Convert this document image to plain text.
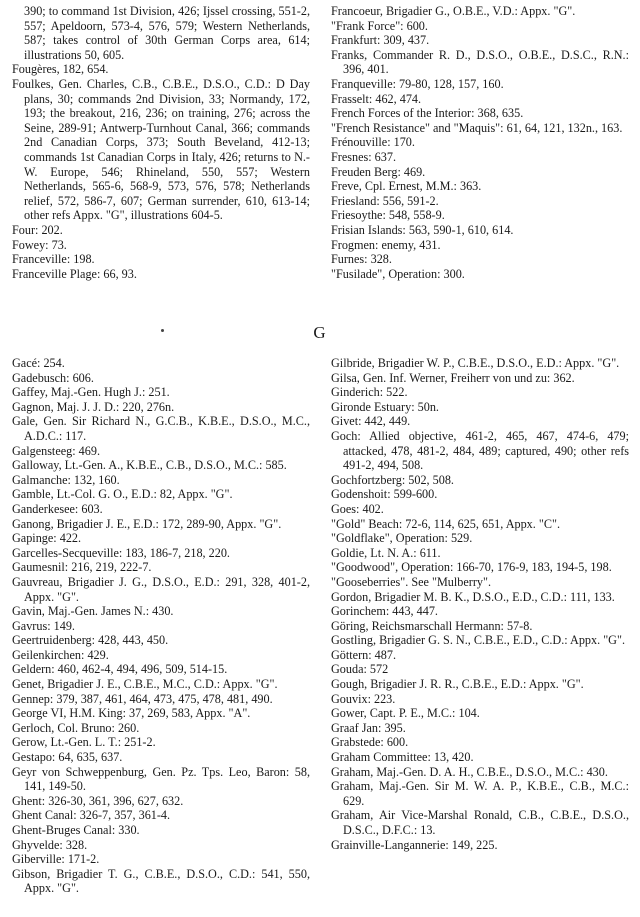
390; to command 1st Division, 426; Ijssel crossing, 551-2, 557; Apeldoorn, 573-4, 576, 579; Western Netherlands, 587; takes control of 30th German Corps area, 614; illustrations 50, 605.

Fougères, 182, 654.

Foulkes, Gen. Charles, C.B., C.B.E., D.S.O., C.D.: D Day plans, 30; commands 2nd Division, 33; Normandy, 172, 193; the breakout, 216, 236; on training, 276; across the Seine, 289-91; Antwerp-Turnhout Canal, 366; commands 2nd Canadian Corps, 373; South Beveland, 412-13; commands 1st Canadian Corps in Italy, 426; returns to N.-W. Europe, 546; Rhineland, 550, 557; Western Netherlands, 565-6, 568-9, 573, 576, 578; Netherlands relief, 572, 586-7, 607; German surrender, 610, 613-14; other refs Appx. "G", illustrations 604-5.

Four: 202.

Fowey: 73.

Franceville: 198.

Franceville Plage: 66, 93.

Francoeur, Brigadier G., O.B.E., V.D.: Appx. "G".

"Frank Force": 600.

Frankfurt: 309, 437.

Franks, Commander R. D., D.S.O., O.B.E., D.S.C., R.N.: 396, 401.

Franqueville: 79-80, 128, 157, 160.

Frasselt: 462, 474.

French Forces of the Interior: 368, 635.

"French Resistance" and "Maquis": 61, 64, 121, 132n., 163.

Frénouville: 170.

Fresnes: 637.

Freuden Berg: 469.

Freve, Cpl. Ernest, M.M.: 363.

Friesland: 556, 591-2.

Friesoythe: 548, 558-9.

Frisian Islands: 563, 590-1, 610, 614.

Frogmen: enemy, 431.

Furnes: 328.

"Fusilade", Operation: 300.

G

Gacé: 254.

Gadebusch: 606.

Gaffey, Maj.-Gen. Hugh J.: 251.

Gagnon, Maj. J. J. D.: 220, 276n.

Gale, Gen. Sir Richard N., G.C.B., K.B.E., D.S.O., M.C., A.D.C.: 117.

Galgensteeg: 469.

Galloway, Lt.-Gen. A., K.B.E., C.B., D.S.O., M.C.: 585.

Galmanche: 132, 160.

Gamble, Lt.-Col. G. O., E.D.: 82, Appx. "G".

Ganderkesee: 603.

Ganong, Brigadier J. E., E.D.: 172, 289-90, Appx. "G".

Gapinge: 422.

Garcelles-Secqueville: 183, 186-7, 218, 220.

Gaumesnil: 216, 219, 222-7.

Gauvreau, Brigadier J. G., D.S.O., E.D.: 291, 328, 401-2, Appx. "G".

Gavin, Maj.-Gen. James N.: 430.

Gavrus: 149.

Geertruidenberg: 428, 443, 450.

Geilenkirchen: 429.

Geldern: 460, 462-4, 494, 496, 509, 514-15.

Genet, Brigadier J. E., C.B.E., M.C., C.D.: Appx. "G".

Gennep: 379, 387, 461, 464, 473, 475, 478, 481, 490.

George VI, H.M. King: 37, 269, 583, Appx. "A".

Gerloch, Col. Bruno: 260.

Gerow, Lt.-Gen. L. T.: 251-2.

Gestapo: 64, 635, 637.

Geyr von Schweppenburg, Gen. Pz. Tps. Leo, Baron: 58, 141, 149-50.

Ghent: 326-30, 361, 396, 627, 632.

Ghent Canal: 326-7, 357, 361-4.

Ghent-Bruges Canal: 330.

Ghyvelde: 328.

Giberville: 171-2.

Gibson, Brigadier T. G., C.B.E., D.S.O., C.D.: 541, 550, Appx. "G".

Gilbride, Brigadier W. P., C.B.E., D.S.O., E.D.: Appx. "G".

Gilsa, Gen. Inf. Werner, Freiherr von und zu: 362.

Ginderich: 522.

Gironde Estuary: 50n.

Givet: 442, 449.

Goch: Allied objective, 461-2, 465, 467, 474-6, 479; attacked, 478, 481-2, 484, 489; captured, 490; other refs 491-2, 494, 508.

Gochfortzberg: 502, 508.

Godenshoit: 599-600.

Goes: 402.

"Gold" Beach: 72-6, 114, 625, 651, Appx. "C".

"Goldflake", Operation: 529.

Goldie, Lt. N. A.: 611.

"Goodwood", Operation: 166-70, 176-9, 183, 194-5, 198.

"Gooseberries". See "Mulberry".

Gordon, Brigadier M. B. K., D.S.O., E.D., C.D.: 111, 133.

Gorinchem: 443, 447.

Göring, Reichsmarschall Hermann: 57-8.

Gostling, Brigadier G. S. N., C.B.E., E.D., C.D.: Appx. "G".

Göttern: 487.

Gouda: 572

Gough, Brigadier J. R. R., C.B.E., E.D.: Appx. "G".

Gouvix: 223.

Gower, Capt. P. E., M.C.: 104.

Graaf Jan: 395.

Grabstede: 600.

Graham Committee: 13, 420.

Graham, Maj.-Gen. D. A. H., C.B.E., D.S.O., M.C.: 430.

Graham, Maj.-Gen. Sir M. W. A. P., K.B.E., C.B., M.C.: 629.

Graham, Air Vice-Marshal Ronald, C.B., C.B.E., D.S.O., D.S.C., D.F.C.: 13.

Grainville-Langannerie: 149, 225.
